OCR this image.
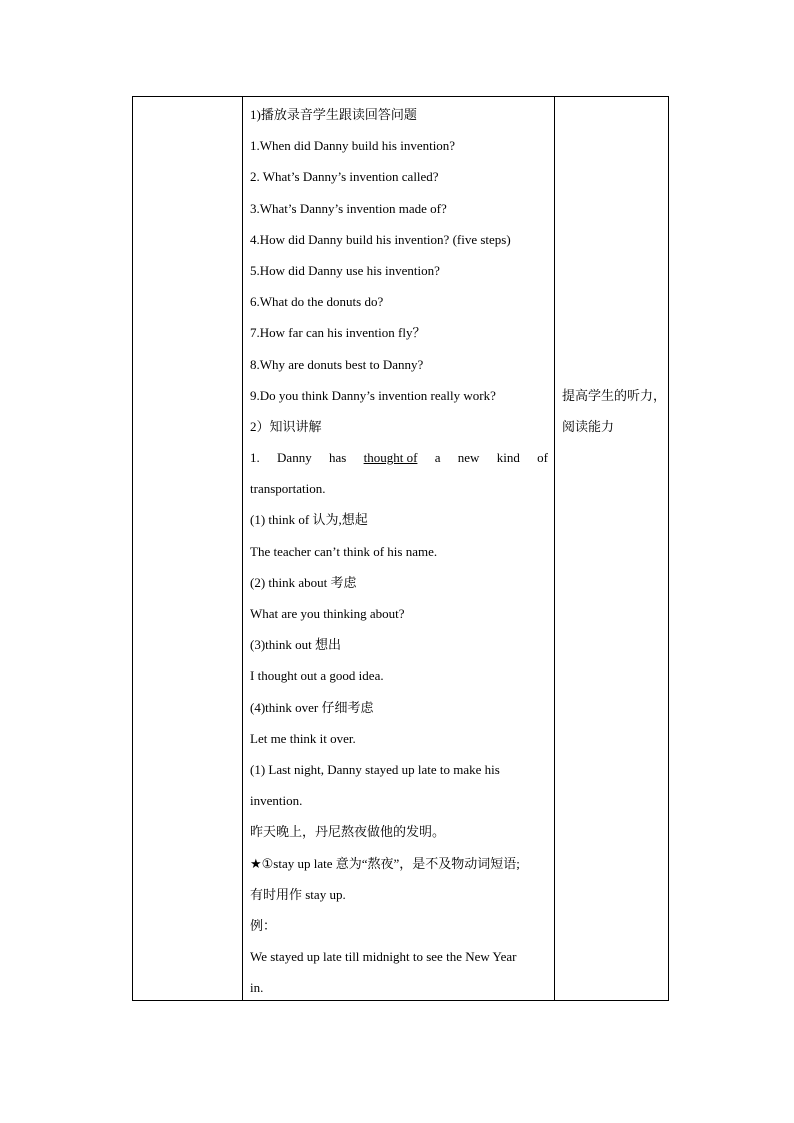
1)播放录音学生跟读回答问题
1.When did Danny build his invention?
2. What’s Danny’s invention called?
3.What’s Danny’s invention made of?
4.How did Danny build his invention? (five steps)
5.How did Danny use his invention?
6.What do the donuts do?
7.How far can his invention fly？
8.Why are donuts best to Danny?
9.Do you think Danny’s invention really work?
2）知识讲解
1. Danny has thought of a new kind of
transportation.
(1) think of 认为,想起
The teacher can’t think of his name.
(2) think about 考虑
What are you thinking about?
(3)think out 想出
I thought out a good idea.
(4)think over 仔细考虑
Let me think it over.
(1) Last night, Danny stayed up late to make his
invention.
昨天晚上，丹尼熬夜做他的发明。
★①stay up late 意为“熬夜”，是不及物动词短语;
有时用作 stay up.
例：
We stayed up late till midnight to see the New Year
in.
提高学生的听力，
阅读能力
